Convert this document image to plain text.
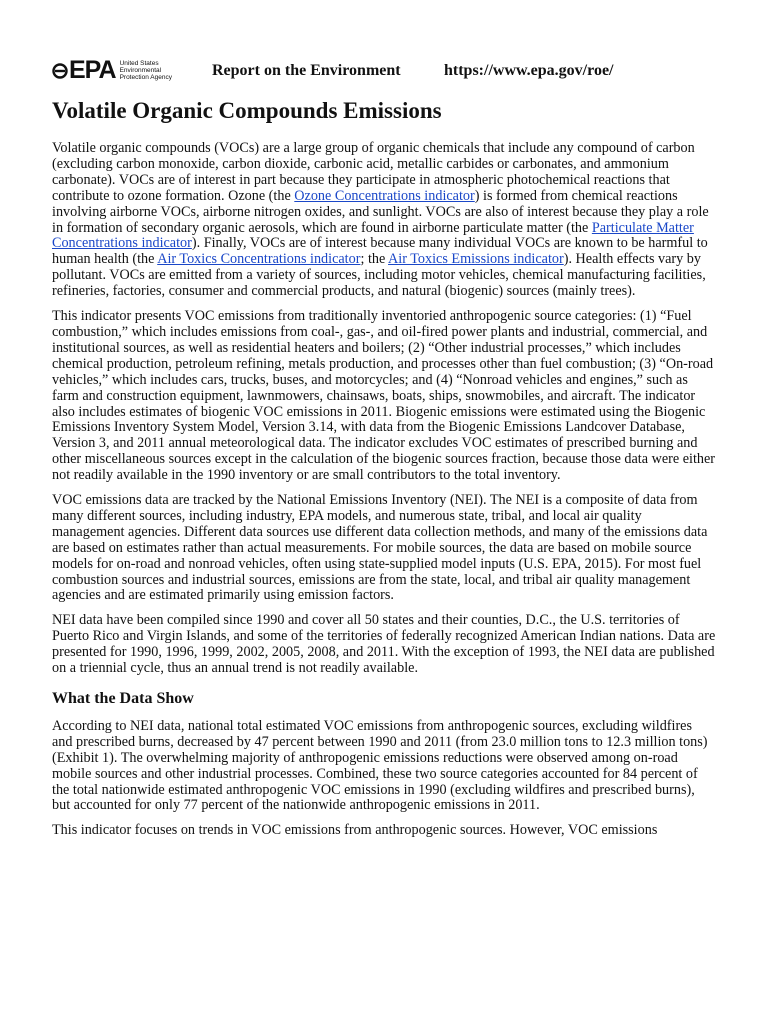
EPA United States Environmental Protection Agency	Report on the Environment	https://www.epa.gov/roe/
Volatile Organic Compounds Emissions

Volatile organic compounds (VOCs) are a large group of organic chemicals that include any compound of carbon (excluding carbon monoxide, carbon dioxide, carbonic acid, metallic carbides or carbonates, and ammonium carbonate). VOCs are of interest in part because they participate in atmospheric photochemical reactions that contribute to ozone formation. Ozone (the Ozone Concentrations indicator) is formed from chemical reactions involving airborne VOCs, airborne nitrogen oxides, and sunlight. VOCs are also of interest because they play a role in formation of secondary organic aerosols, which are found in airborne particulate matter (the Particulate Matter Concentrations indicator). Finally, VOCs are of interest because many individual VOCs are known to be harmful to human health (the Air Toxics Concentrations indicator; the Air Toxics Emissions indicator). Health effects vary by pollutant. VOCs are emitted from a variety of sources, including motor vehicles, chemical manufacturing facilities, refineries, factories, consumer and commercial products, and natural (biogenic) sources (mainly trees).

This indicator presents VOC emissions from traditionally inventoried anthropogenic source categories: (1) “Fuel combustion,” which includes emissions from coal-, gas-, and oil-fired power plants and industrial, commercial, and institutional sources, as well as residential heaters and boilers; (2) “Other industrial processes,” which includes chemical production, petroleum refining, metals production, and processes other than fuel combustion; (3) “On-road vehicles,” which includes cars, trucks, buses, and motorcycles; and (4) “Nonroad vehicles and engines,” such as farm and construction equipment, lawnmowers, chainsaws, boats, ships, snowmobiles, and aircraft. The indicator also includes estimates of biogenic VOC emissions in 2011. Biogenic emissions were estimated using the Biogenic Emissions Inventory System Model, Version 3.14, with data from the Biogenic Emissions Landcover Database, Version 3, and 2011 annual meteorological data. The indicator excludes VOC estimates of prescribed burning and other miscellaneous sources except in the calculation of the biogenic sources fraction, because those data were either not readily available in the 1990 inventory or are small contributors to the total inventory.

VOC emissions data are tracked by the National Emissions Inventory (NEI). The NEI is a composite of data from many different sources, including industry, EPA models, and numerous state, tribal, and local air quality management agencies. Different data sources use different data collection methods, and many of the emissions data are based on estimates rather than actual measurements. For mobile sources, the data are based on mobile source models for on-road and nonroad vehicles, often using state-supplied model inputs (U.S. EPA, 2015). For most fuel combustion sources and industrial sources, emissions are from the state, local, and tribal air quality management agencies and are estimated primarily using emission factors.

NEI data have been compiled since 1990 and cover all 50 states and their counties, D.C., the U.S. territories of Puerto Rico and Virgin Islands, and some of the territories of federally recognized American Indian nations. Data are presented for 1990, 1996, 1999, 2002, 2005, 2008, and 2011. With the exception of 1993, the NEI data are published on a triennial cycle, thus an annual trend is not readily available.

What the Data Show

According to NEI data, national total estimated VOC emissions from anthropogenic sources, excluding wildfires and prescribed burns, decreased by 47 percent between 1990 and 2011 (from 23.0 million tons to 12.3 million tons) (Exhibit 1). The overwhelming majority of anthropogenic emissions reductions were observed among on-road mobile sources and other industrial processes. Combined, these two source categories accounted for 84 percent of the total nationwide estimated anthropogenic VOC emissions in 1990 (excluding wildfires and prescribed burns), but accounted for only 77 percent of the nationwide anthropogenic emissions in 2011.

This indicator focuses on trends in VOC emissions from anthropogenic sources. However, VOC emissions
